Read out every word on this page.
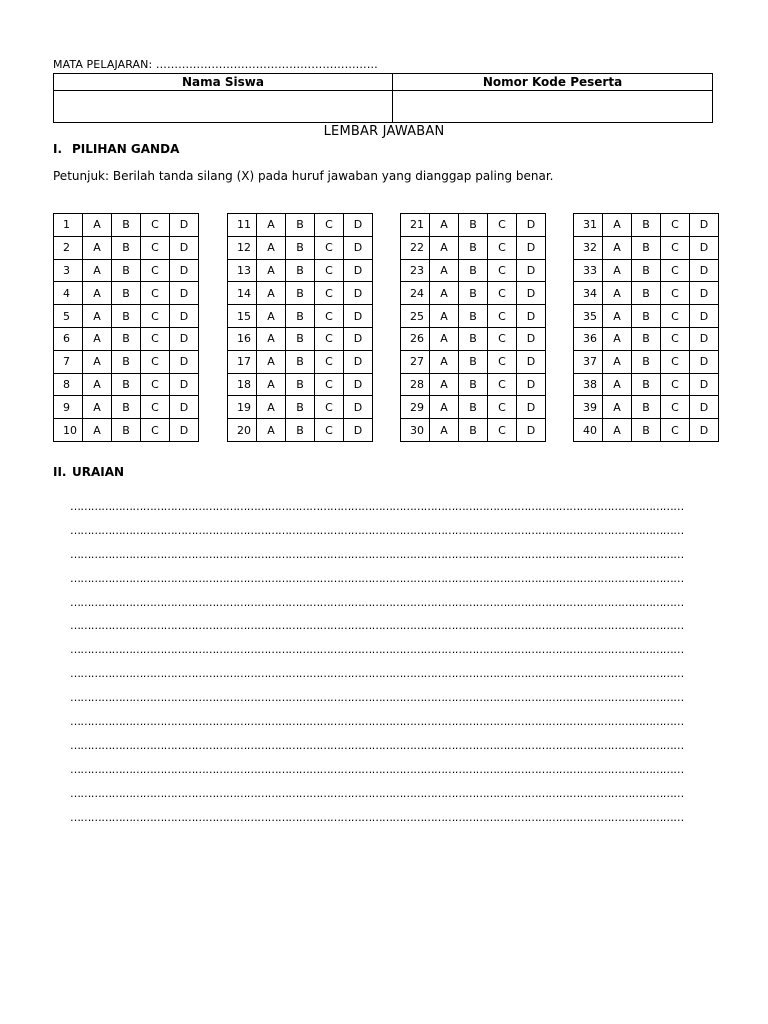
MATA PELAJARAN: ……………………………………………………
Nama Siswa	Nomor Kode Peserta

LEMBAR JAWABAN
I. PILIHAN GANDA
Petunjuk: Berilah tanda silang (X) pada huruf jawaban yang dianggap paling benar.
1	A	B	C	D
2	A	B	C	D
3	A	B	C	D
4	A	B	C	D
5	A	B	C	D
6	A	B	C	D
7	A	B	C	D
8	A	B	C	D
9	A	B	C	D
10	A	B	C	D
11	A	B	C	D
12	A	B	C	D
13	A	B	C	D
14	A	B	C	D
15	A	B	C	D
16	A	B	C	D
17	A	B	C	D
18	A	B	C	D
19	A	B	C	D
20	A	B	C	D
21	A	B	C	D
22	A	B	C	D
23	A	B	C	D
24	A	B	C	D
25	A	B	C	D
26	A	B	C	D
27	A	B	C	D
28	A	B	C	D
29	A	B	C	D
30	A	B	C	D
31	A	B	C	D
32	A	B	C	D
33	A	B	C	D
34	A	B	C	D
35	A	B	C	D
36	A	B	C	D
37	A	B	C	D
38	A	B	C	D
39	A	B	C	D
40	A	B	C	D
II. URAIAN
……………………………………………………………………………………………………………………………………………………………
……………………………………………………………………………………………………………………………………………………………
……………………………………………………………………………………………………………………………………………………………
……………………………………………………………………………………………………………………………………………………………
……………………………………………………………………………………………………………………………………………………………
……………………………………………………………………………………………………………………………………………………………
……………………………………………………………………………………………………………………………………………………………
……………………………………………………………………………………………………………………………………………………………
……………………………………………………………………………………………………………………………………………………………
……………………………………………………………………………………………………………………………………………………………
……………………………………………………………………………………………………………………………………………………………
……………………………………………………………………………………………………………………………………………………………
……………………………………………………………………………………………………………………………………………………………
……………………………………………………………………………………………………………………………………………………………
